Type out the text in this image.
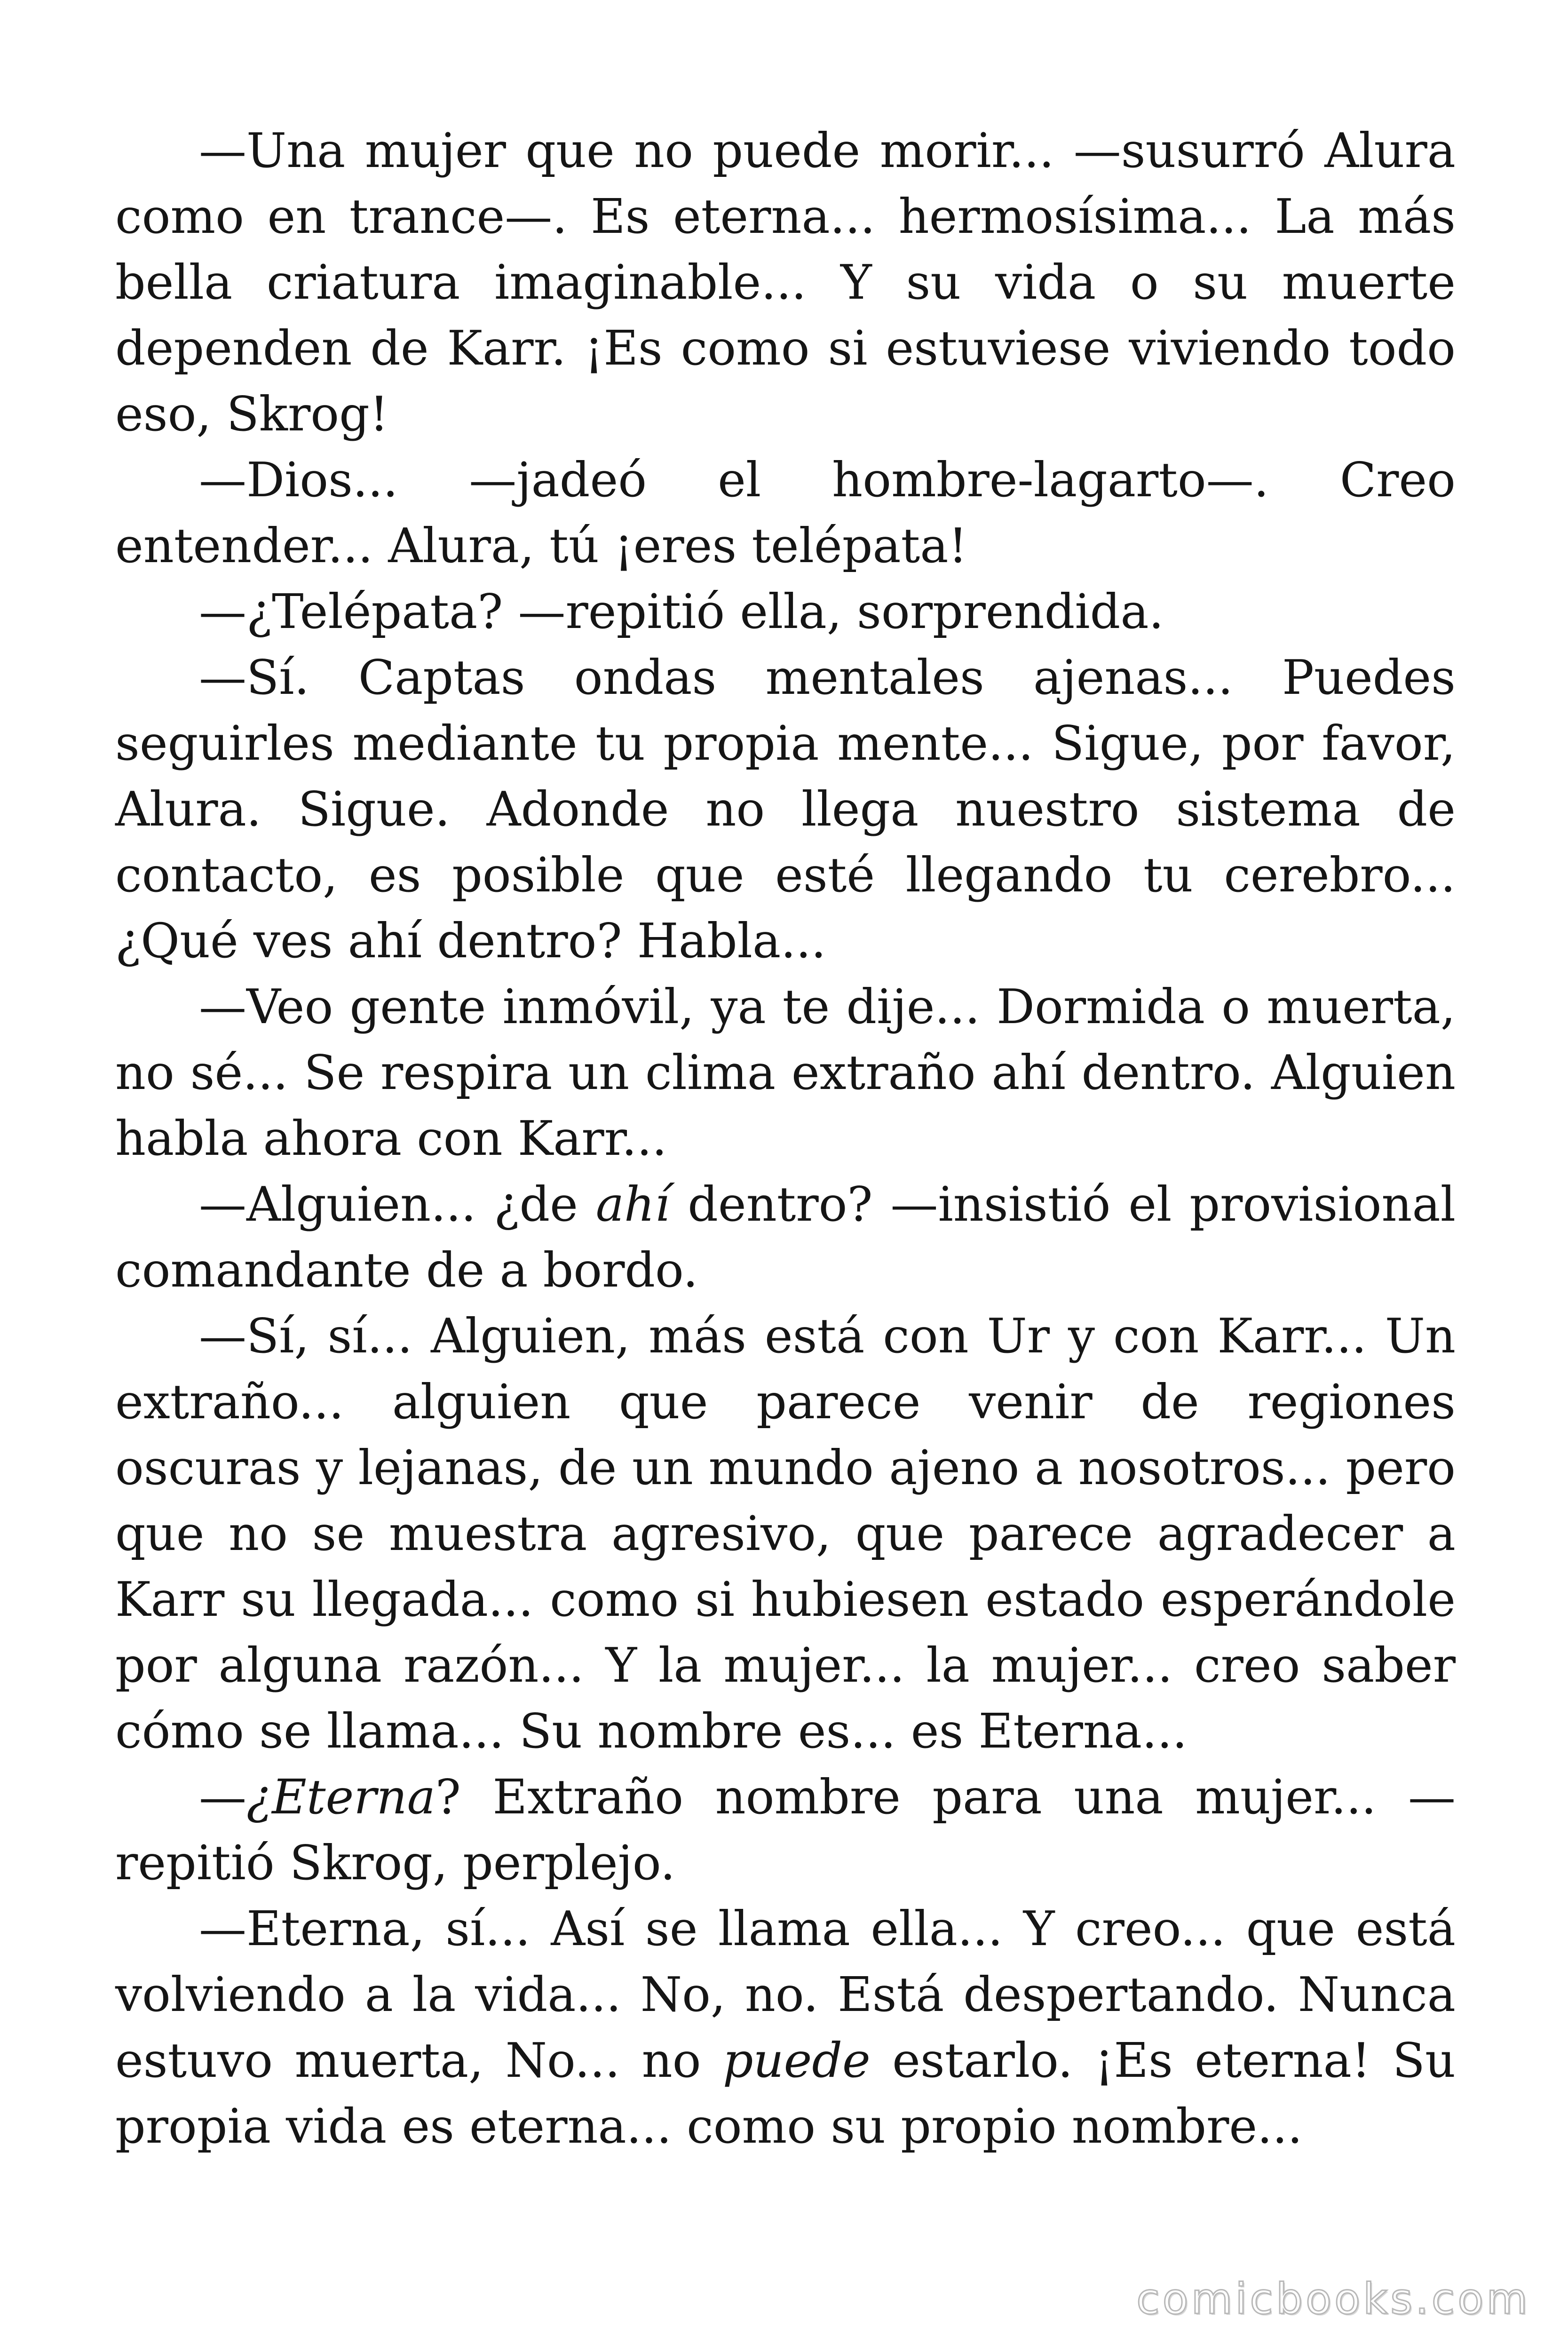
—Una mujer que no puede morir... —susurró Alura como en trance—. Es eterna... hermosísima... La más bella criatura imaginable... Y su vida o su muerte dependen de Karr. ¡Es como si estuviese viviendo todo eso, Skrog!

—Dios... —jadeó el hombre-lagarto—. Creo entender... Alura, tú ¡eres telépata!

—¿Telépata? —repitió ella, sorprendida.

—Sí. Captas ondas mentales ajenas... Puedes seguirles mediante tu propia mente... Sigue, por favor, Alura. Sigue. Adonde no llega nuestro sistema de contacto, es posible que esté llegando tu cerebro... ¿Qué ves ahí dentro? Habla...

—Veo gente inmóvil, ya te dije... Dormida o muerta, no sé... Se respira un clima extraño ahí dentro. Alguien habla ahora con Karr...

—Alguien... ¿de ahí dentro? —insistió el provisional comandante de a bordo.

—Sí, sí... Alguien, más está con Ur y con Karr... Un extraño... alguien que parece venir de regiones oscuras y lejanas, de un mundo ajeno a nosotros... pero que no se muestra agresivo, que parece agradecer a Karr su llegada... como si hubiesen estado esperándole por alguna razón... Y la mujer... la mujer... creo saber cómo se llama... Su nombre es... es Eterna...

—¿Eterna? Extraño nombre para una mujer... — repitió Skrog, perplejo.

—Eterna, sí... Así se llama ella... Y creo... que está volviendo a la vida... No, no. Está despertando. Nunca estuvo muerta, No... no puede estarlo. ¡Es eterna! Su propia vida es eterna... como su propio nombre...

comicbooks.com
